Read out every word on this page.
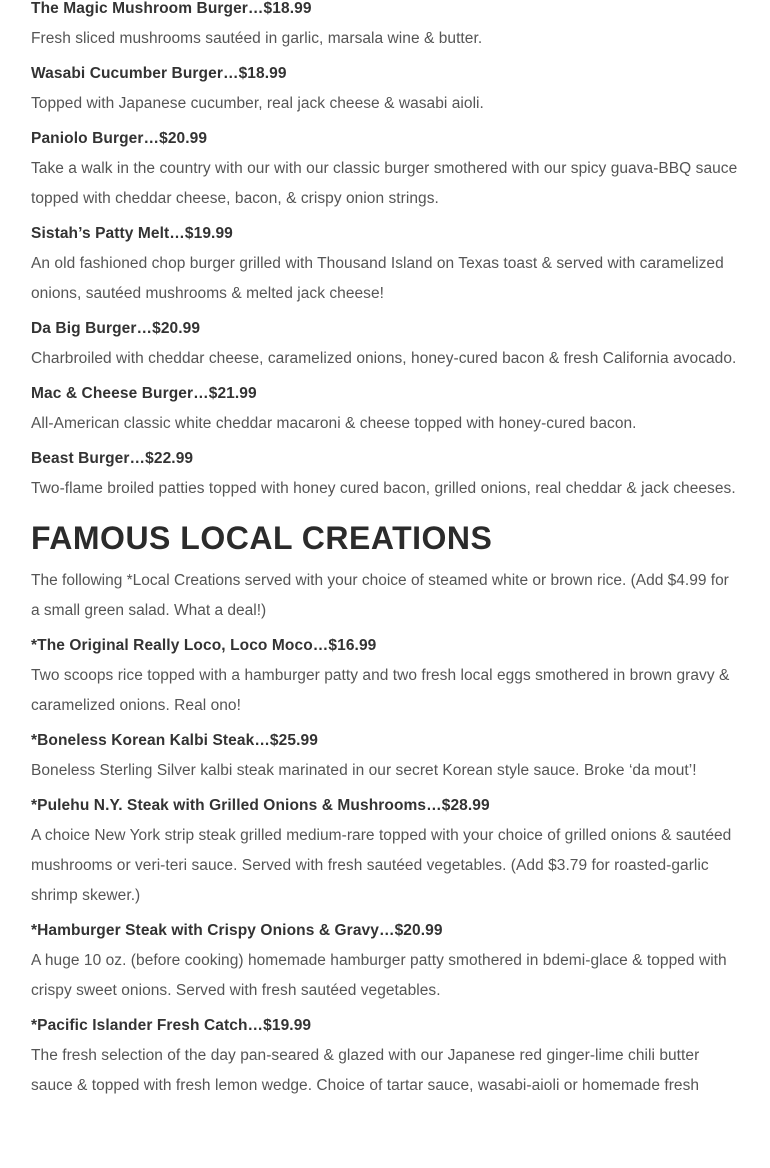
The Magic Mushroom Burger…$18.99

Fresh sliced mushrooms sautéed in garlic, marsala wine & butter.

Wasabi Cucumber Burger…$18.99

Topped with Japanese cucumber, real jack cheese & wasabi aioli.

Paniolo Burger…$20.99

Take a walk in the country with our with our classic burger smothered with our spicy guava-BBQ sauce topped with cheddar cheese, bacon, & crispy onion strings.

Sistah’s Patty Melt…$19.99

An old fashioned chop burger grilled with Thousand Island on Texas toast & served with caramelized onions, sautéed mushrooms & melted jack cheese!

Da Big Burger…$20.99

Charbroiled with cheddar cheese, caramelized onions, honey-cured bacon & fresh California avocado.

Mac & Cheese Burger…$21.99

All-American classic white cheddar macaroni & cheese topped with honey-cured bacon.

Beast Burger…$22.99

Two-flame broiled patties topped with honey cured bacon, grilled onions, real cheddar & jack cheeses.

FAMOUS LOCAL CREATIONS

The following *Local Creations served with your choice of steamed white or brown rice. (Add $4.99 for a small green salad. What a deal!)

*The Original Really Loco, Loco Moco…$16.99

Two scoops rice topped with a hamburger patty and two fresh local eggs smothered in brown gravy & caramelized onions. Real ono!

*Boneless Korean Kalbi Steak…$25.99

Boneless Sterling Silver kalbi steak marinated in our secret Korean style sauce. Broke ‘da mout’!

*Pulehu N.Y. Steak with Grilled Onions & Mushrooms…$28.99

A choice New York strip steak grilled medium-rare topped with your choice of grilled onions & sautéed mushrooms or veri-teri sauce. Served with fresh sautéed vegetables. (Add $3.79 for roasted-garlic shrimp skewer.)

*Hamburger Steak with Crispy Onions & Gravy…$20.99

A huge 10 oz. (before cooking) homemade hamburger patty smothered in bdemi-glace & topped with crispy sweet onions. Served with fresh sautéed vegetables.

*Pacific Islander Fresh Catch…$19.99

The fresh selection of the day pan-seared & glazed with our Japanese red ginger-lime chili butter sauce & topped with fresh lemon wedge. Choice of tartar sauce, wasabi-aioli or homemade fresh
